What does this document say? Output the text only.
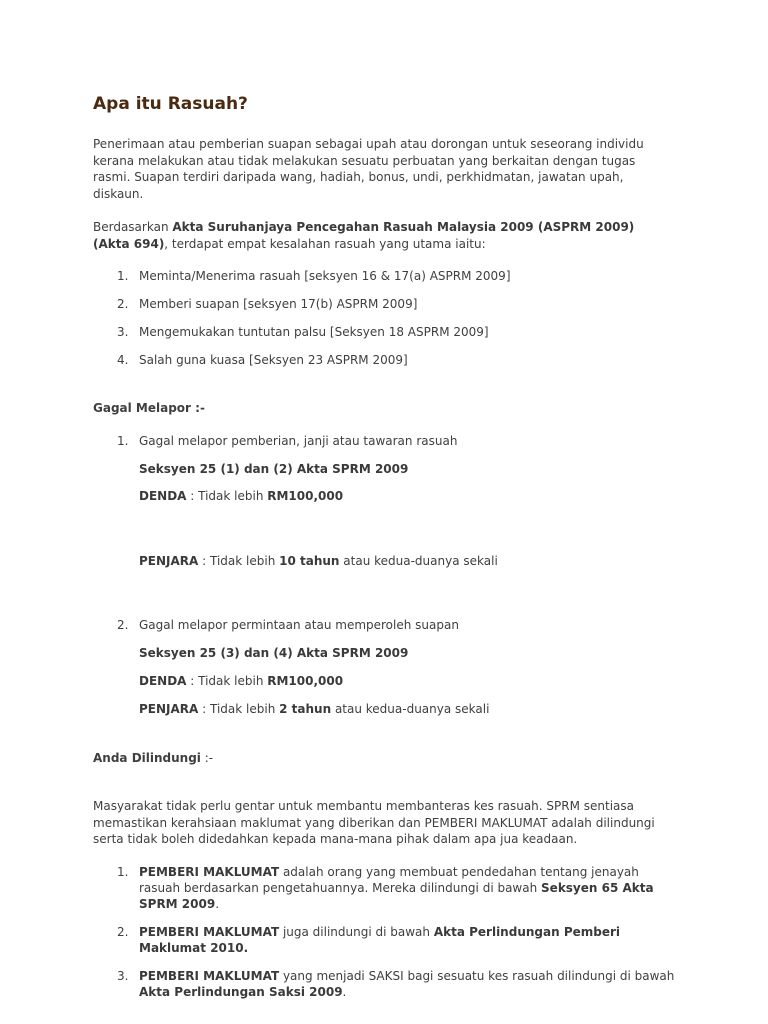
Apa itu Rasuah?

Penerimaan atau pemberian suapan sebagai upah atau dorongan untuk seseorang individu kerana melakukan atau tidak melakukan sesuatu perbuatan yang berkaitan dengan tugas rasmi. Suapan terdiri daripada wang, hadiah, bonus, undi, perkhidmatan, jawatan upah, diskaun.

Berdasarkan Akta Suruhanjaya Pencegahan Rasuah Malaysia 2009 (ASPRM 2009) (Akta 694), terdapat empat kesalahan rasuah yang utama iaitu:

1. Meminta/Menerima rasuah [seksyen 16 & 17(a) ASPRM 2009]
2. Memberi suapan [seksyen 17(b) ASPRM 2009]
3. Mengemukakan tuntutan palsu [Seksyen 18 ASPRM 2009]
4. Salah guna kuasa [Seksyen 23 ASPRM 2009]
Gagal Melapor :-
1. Gagal melapor pemberian, janji atau tawaran rasuah
Seksyen 25 (1) dan (2) Akta SPRM 2009
DENDA : Tidak lebih RM100,000
PENJARA : Tidak lebih 10 tahun atau kedua-duanya sekali
2. Gagal melapor permintaan atau memperoleh suapan
Seksyen 25 (3) dan (4) Akta SPRM 2009
DENDA : Tidak lebih RM100,000
PENJARA : Tidak lebih 2 tahun atau kedua-duanya sekali
Anda Dilindungi :-

Masyarakat tidak perlu gentar untuk membantu membanteras kes rasuah. SPRM sentiasa memastikan kerahsiaan maklumat yang diberikan dan PEMBERI MAKLUMAT adalah dilindungi serta tidak boleh didedahkan kepada mana-mana pihak dalam apa jua keadaan.

1. PEMBERI MAKLUMAT adalah orang yang membuat pendedahan tentang jenayah rasuah berdasarkan pengetahuannya. Mereka dilindungi di bawah Seksyen 65 Akta SPRM 2009.
2. PEMBERI MAKLUMAT juga dilindungi di bawah Akta Perlindungan Pemberi Maklumat 2010.
3. PEMBERI MAKLUMAT yang menjadi SAKSI bagi sesuatu kes rasuah dilindungi di bawah Akta Perlindungan Saksi 2009.
